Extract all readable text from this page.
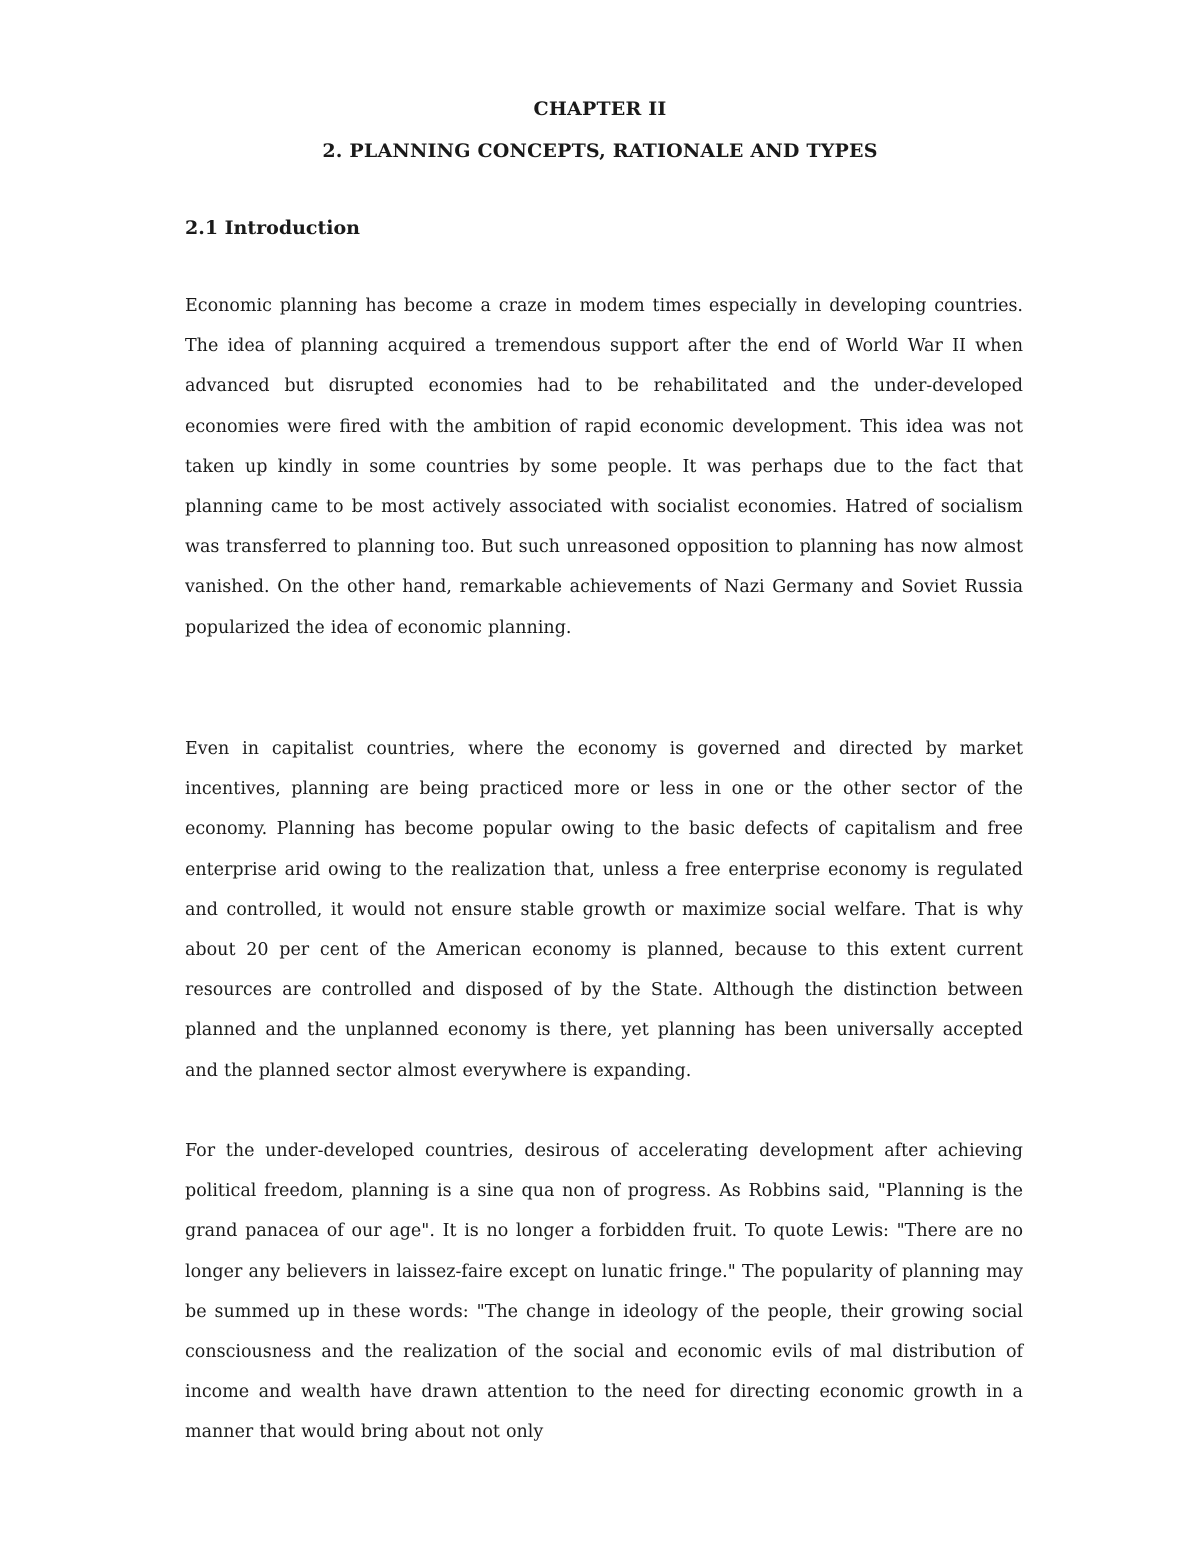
CHAPTER II
2. PLANNING CONCEPTS, RATIONALE AND TYPES
2.1 Introduction

Economic planning has become a craze in modem times especially in developing countries. The idea of planning acquired a tremendous support after the end of World War II when advanced but disrupted economies had to be rehabilitated and the under-developed economies were fired with the ambition of rapid economic development. This idea was not taken up kindly in some countries by some people. It was perhaps due to the fact that planning came to be most actively associated with socialist economies. Hatred of socialism was transferred to planning too. But such unreasoned opposition to planning has now almost vanished. On the other hand, remarkable achievements of Nazi Germany and Soviet Russia popularized the idea of economic planning.

Even in capitalist countries, where the economy is governed and directed by market incentives, planning are being practiced more or less in one or the other sector of the economy. Planning has become popular owing to the basic defects of capitalism and free enterprise arid owing to the realization that, unless a free enterprise economy is regulated and controlled, it would not ensure stable growth or maximize social welfare. That is why about 20 per cent of the American economy is planned, because to this extent current resources are controlled and disposed of by the State. Although the distinction between planned and the unplanned economy is there, yet planning has been universally accepted and the planned sector almost everywhere is expanding.

For the under-developed countries, desirous of accelerating development after achieving political freedom, planning is a sine qua non of progress. As Robbins said, "Planning is the grand panacea of our age". It is no longer a forbidden fruit. To quote Lewis: "There are no longer any believers in laissez-faire except on lunatic fringe." The popularity of planning may be summed up in these words: "The change in ideology of the people, their growing social consciousness and the realization of the social and economic evils of mal distribution of income and wealth have drawn attention to the need for directing economic growth in a manner that would bring about not only
